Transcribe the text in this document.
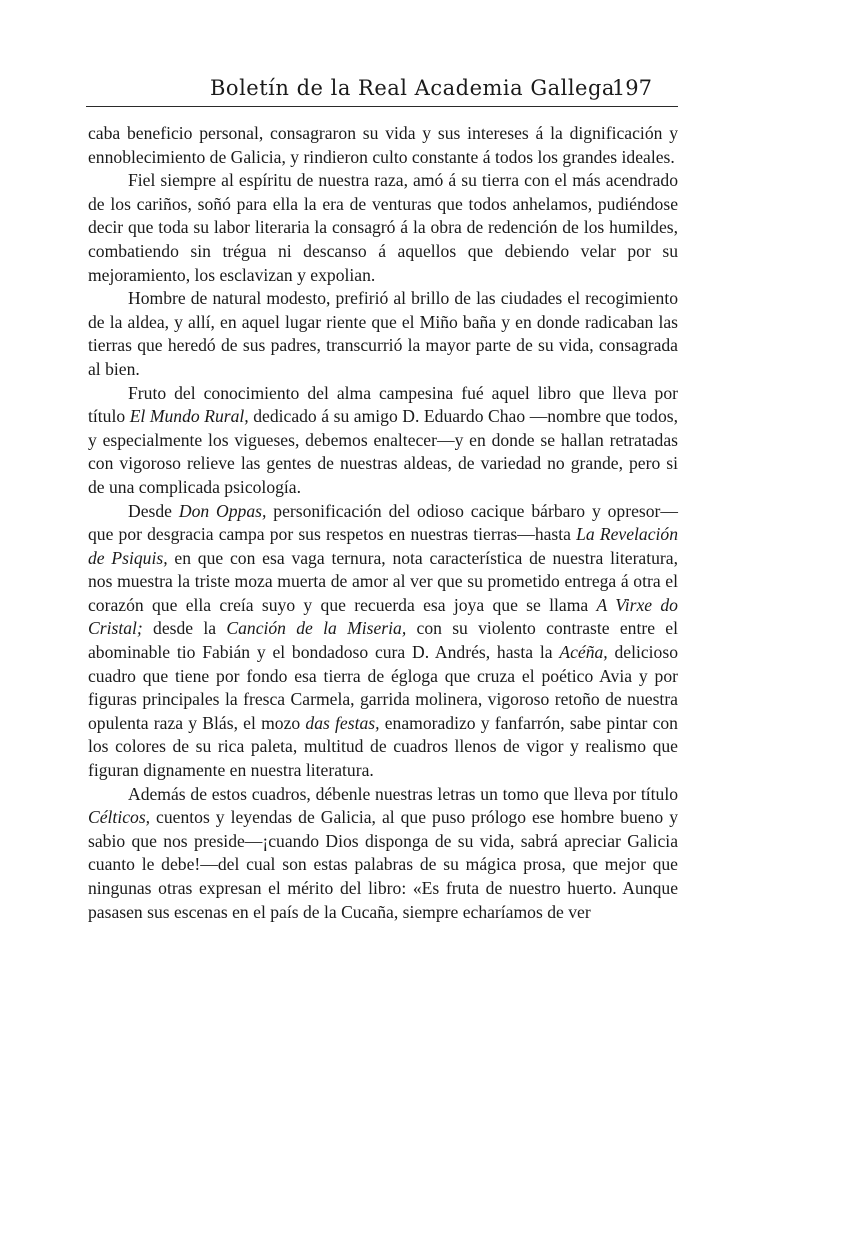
Boletín de la Real Academia Gallega
197

caba beneficio personal, consagraron su vida y sus intereses á la dignificación y ennoblecimiento de Galicia, y rindieron culto constante á todos los grandes ideales.

Fiel siempre al espíritu de nuestra raza, amó á su tierra con el más acendrado de los cariños, soñó para ella la era de venturas que todos anhelamos, pudiéndose decir que toda su labor literaria la consagró á la obra de redención de los humildes, combatiendo sin trégua ni descanso á aquellos que debiendo velar por su mejoramiento, los esclavizan y expolian.

Hombre de natural modesto, prefirió al brillo de las ciudades el recogimiento de la aldea, y allí, en aquel lugar riente que el Miño baña y en donde radicaban las tierras que heredó de sus padres, transcurrió la mayor parte de su vida, consagrada al bien.

Fruto del conocimiento del alma campesina fué aquel libro que lleva por título El Mundo Rural, dedicado á su amigo D. Eduardo Chao —nombre que todos, y especialmente los vigueses, debemos enaltecer—y en donde se hallan retratadas con vigoroso relieve las gentes de nuestras aldeas, de variedad no grande, pero si de una complicada psicología.

Desde Don Oppas, personificación del odioso cacique bárbaro y opresor—que por desgracia campa por sus respetos en nuestras tierras—hasta La Revelación de Psiquis, en que con esa vaga ternura, nota característica de nuestra literatura, nos muestra la triste moza muerta de amor al ver que su prometido entrega á otra el corazón que ella creía suyo y que recuerda esa joya que se llama A Virxe do Cristal; desde la Canción de la Miseria, con su violento contraste entre el abominable tio Fabián y el bondadoso cura D. Andrés, hasta la Acéña, delicioso cuadro que tiene por fondo esa tierra de égloga que cruza el poético Avia y por figuras principales la fresca Carmela, garrida molinera, vigoroso retoño de nuestra opulenta raza y Blás, el mozo das festas, enamoradizo y fanfarrón, sabe pintar con los colores de su rica paleta, multitud de cuadros llenos de vigor y realismo que figuran dignamente en nuestra literatura.

Además de estos cuadros, débenle nuestras letras un tomo que lleva por título Célticos, cuentos y leyendas de Galicia, al que puso prólogo ese hombre bueno y sabio que nos preside—¡cuando Dios disponga de su vida, sabrá apreciar Galicia cuanto le debe!—del cual son estas palabras de su mágica prosa, que mejor que ningunas otras expresan el mérito del libro: «Es fruta de nuestro huerto. Aunque pasasen sus escenas en el país de la Cucaña, siempre echaríamos de ver
